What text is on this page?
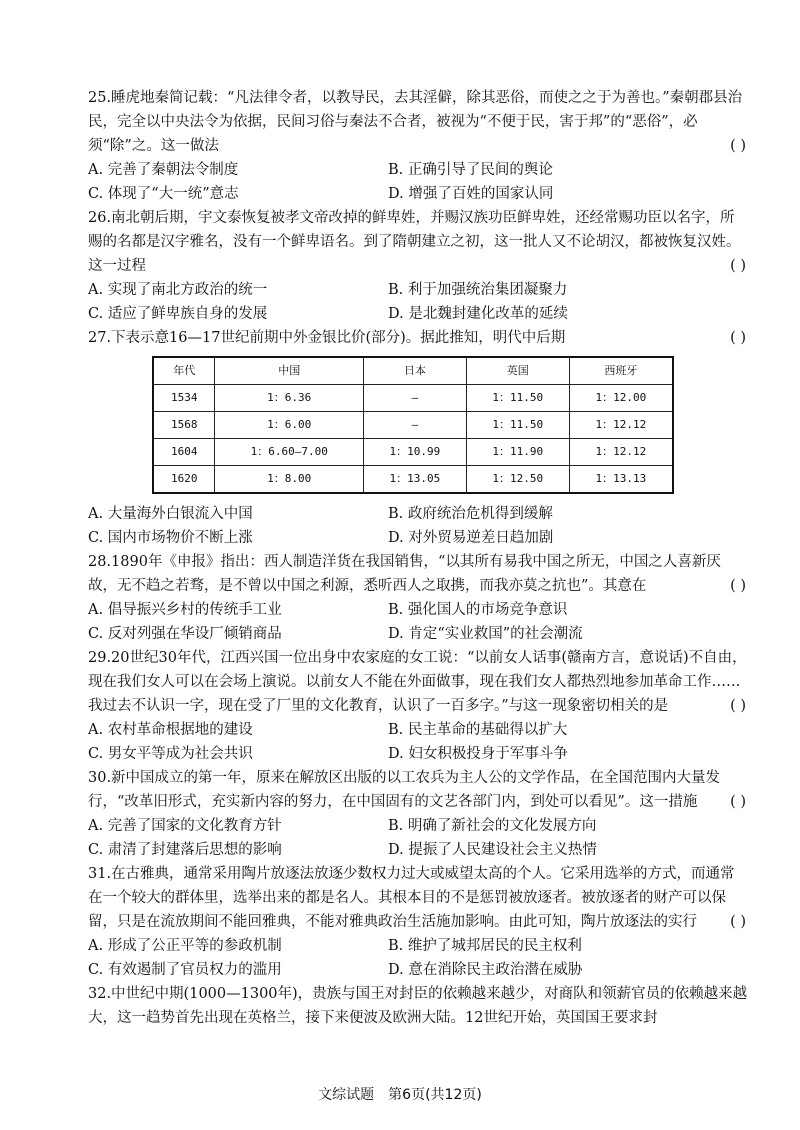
25.睡虎地秦简记载：“凡法律令者，以教导民，去其淫僻，除其恶俗，而使之之于为善也。”秦朝郡县治民，完全以中央法令为依据，民间习俗与秦法不合者，被视为“不便于民，害于邦”的“恶俗”，必须“除”之。这一做法	( )
A. 完善了秦朝法令制度	B. 正确引导了民间的舆论
C. 体现了“大一统”意志	D. 增强了百姓的国家认同
26.南北朝后期，宇文泰恢复被孝文帝改掉的鲜卑姓，并赐汉族功臣鲜卑姓，还经常赐功臣以名字，所赐的名都是汉字雅名，没有一个鲜卑语名。到了隋朝建立之初，这一批人又不论胡汉，都被恢复汉姓。这一过程	( )
A. 实现了南北方政治的统一	B. 利于加强统治集团凝聚力
C. 适应了鲜卑族自身的发展	D. 是北魏封建化改革的延续
27.下表示意16—17世纪前期中外金银比价(部分)。据此推知，明代中后期	( )
年代	中国	日本	英国	西班牙
1534	1：6.36	—	1：11.50	1：12.00
1568	1：6.00	—	1：11.50	1：12.12
1604	1：6.60—7.00	1：10.99	1：11.90	1：12.12
1620	1：8.00	1：13.05	1：12.50	1：13.13
A. 大量海外白银流入中国	B. 政府统治危机得到缓解
C. 国内市场物价不断上涨	D. 对外贸易逆差日趋加剧
28.1890年《申报》指出：西人制造洋货在我国销售，“以其所有易我中国之所无，中国之人喜新厌故，无不趋之若骛，是不曾以中国之利源，悉听西人之取携，而我亦莫之抗也”。其意在	( )
A. 倡导振兴乡村的传统手工业	B. 强化国人的市场竞争意识
C. 反对列强在华设厂倾销商品	D. 肯定“实业救国”的社会潮流
29.20世纪30年代，江西兴国一位出身中农家庭的女工说：“以前女人话事(赣南方言，意说话)不自由，现在我们女人可以在会场上演说。以前女人不能在外面做事，现在我们女人都热烈地参加革命工作……我过去不认识一字，现在受了厂里的文化教育，认识了一百多字。”与这一现象密切相关的是	( )
A. 农村革命根据地的建设	B. 民主革命的基础得以扩大
C. 男女平等成为社会共识	D. 妇女积极投身于军事斗争
30.新中国成立的第一年，原来在解放区出版的以工农兵为主人公的文学作品，在全国范围内大量发行，“改革旧形式，充实新内容的努力，在中国固有的文艺各部门内，到处可以看见”。这一措施 ( )
A. 完善了国家的文化教育方针	B. 明确了新社会的文化发展方向
C. 肃清了封建落后思想的影响	D. 提振了人民建设社会主义热情
31.在古雅典，通常采用陶片放逐法放逐少数权力过大或威望太高的个人。它采用选举的方式，而通常在一个较大的群体里，选举出来的都是名人。其根本目的不是惩罚被放逐者。被放逐者的财产可以保留，只是在流放期间不能回雅典，不能对雅典政治生活施加影响。由此可知，陶片放逐法的实行 ( )
A. 形成了公正平等的参政机制	B. 维护了城邦居民的民主权利
C. 有效遏制了官员权力的滥用	D. 意在消除民主政治潜在威胁
32.中世纪中期(1000—1300年)，贵族与国王对封臣的依赖越来越少，对商队和领薪官员的依赖越来越大，这一趋势首先出现在英格兰，接下来便波及欧洲大陆。12世纪开始，英国国王要求封
文综试题　第6页(共12页)
